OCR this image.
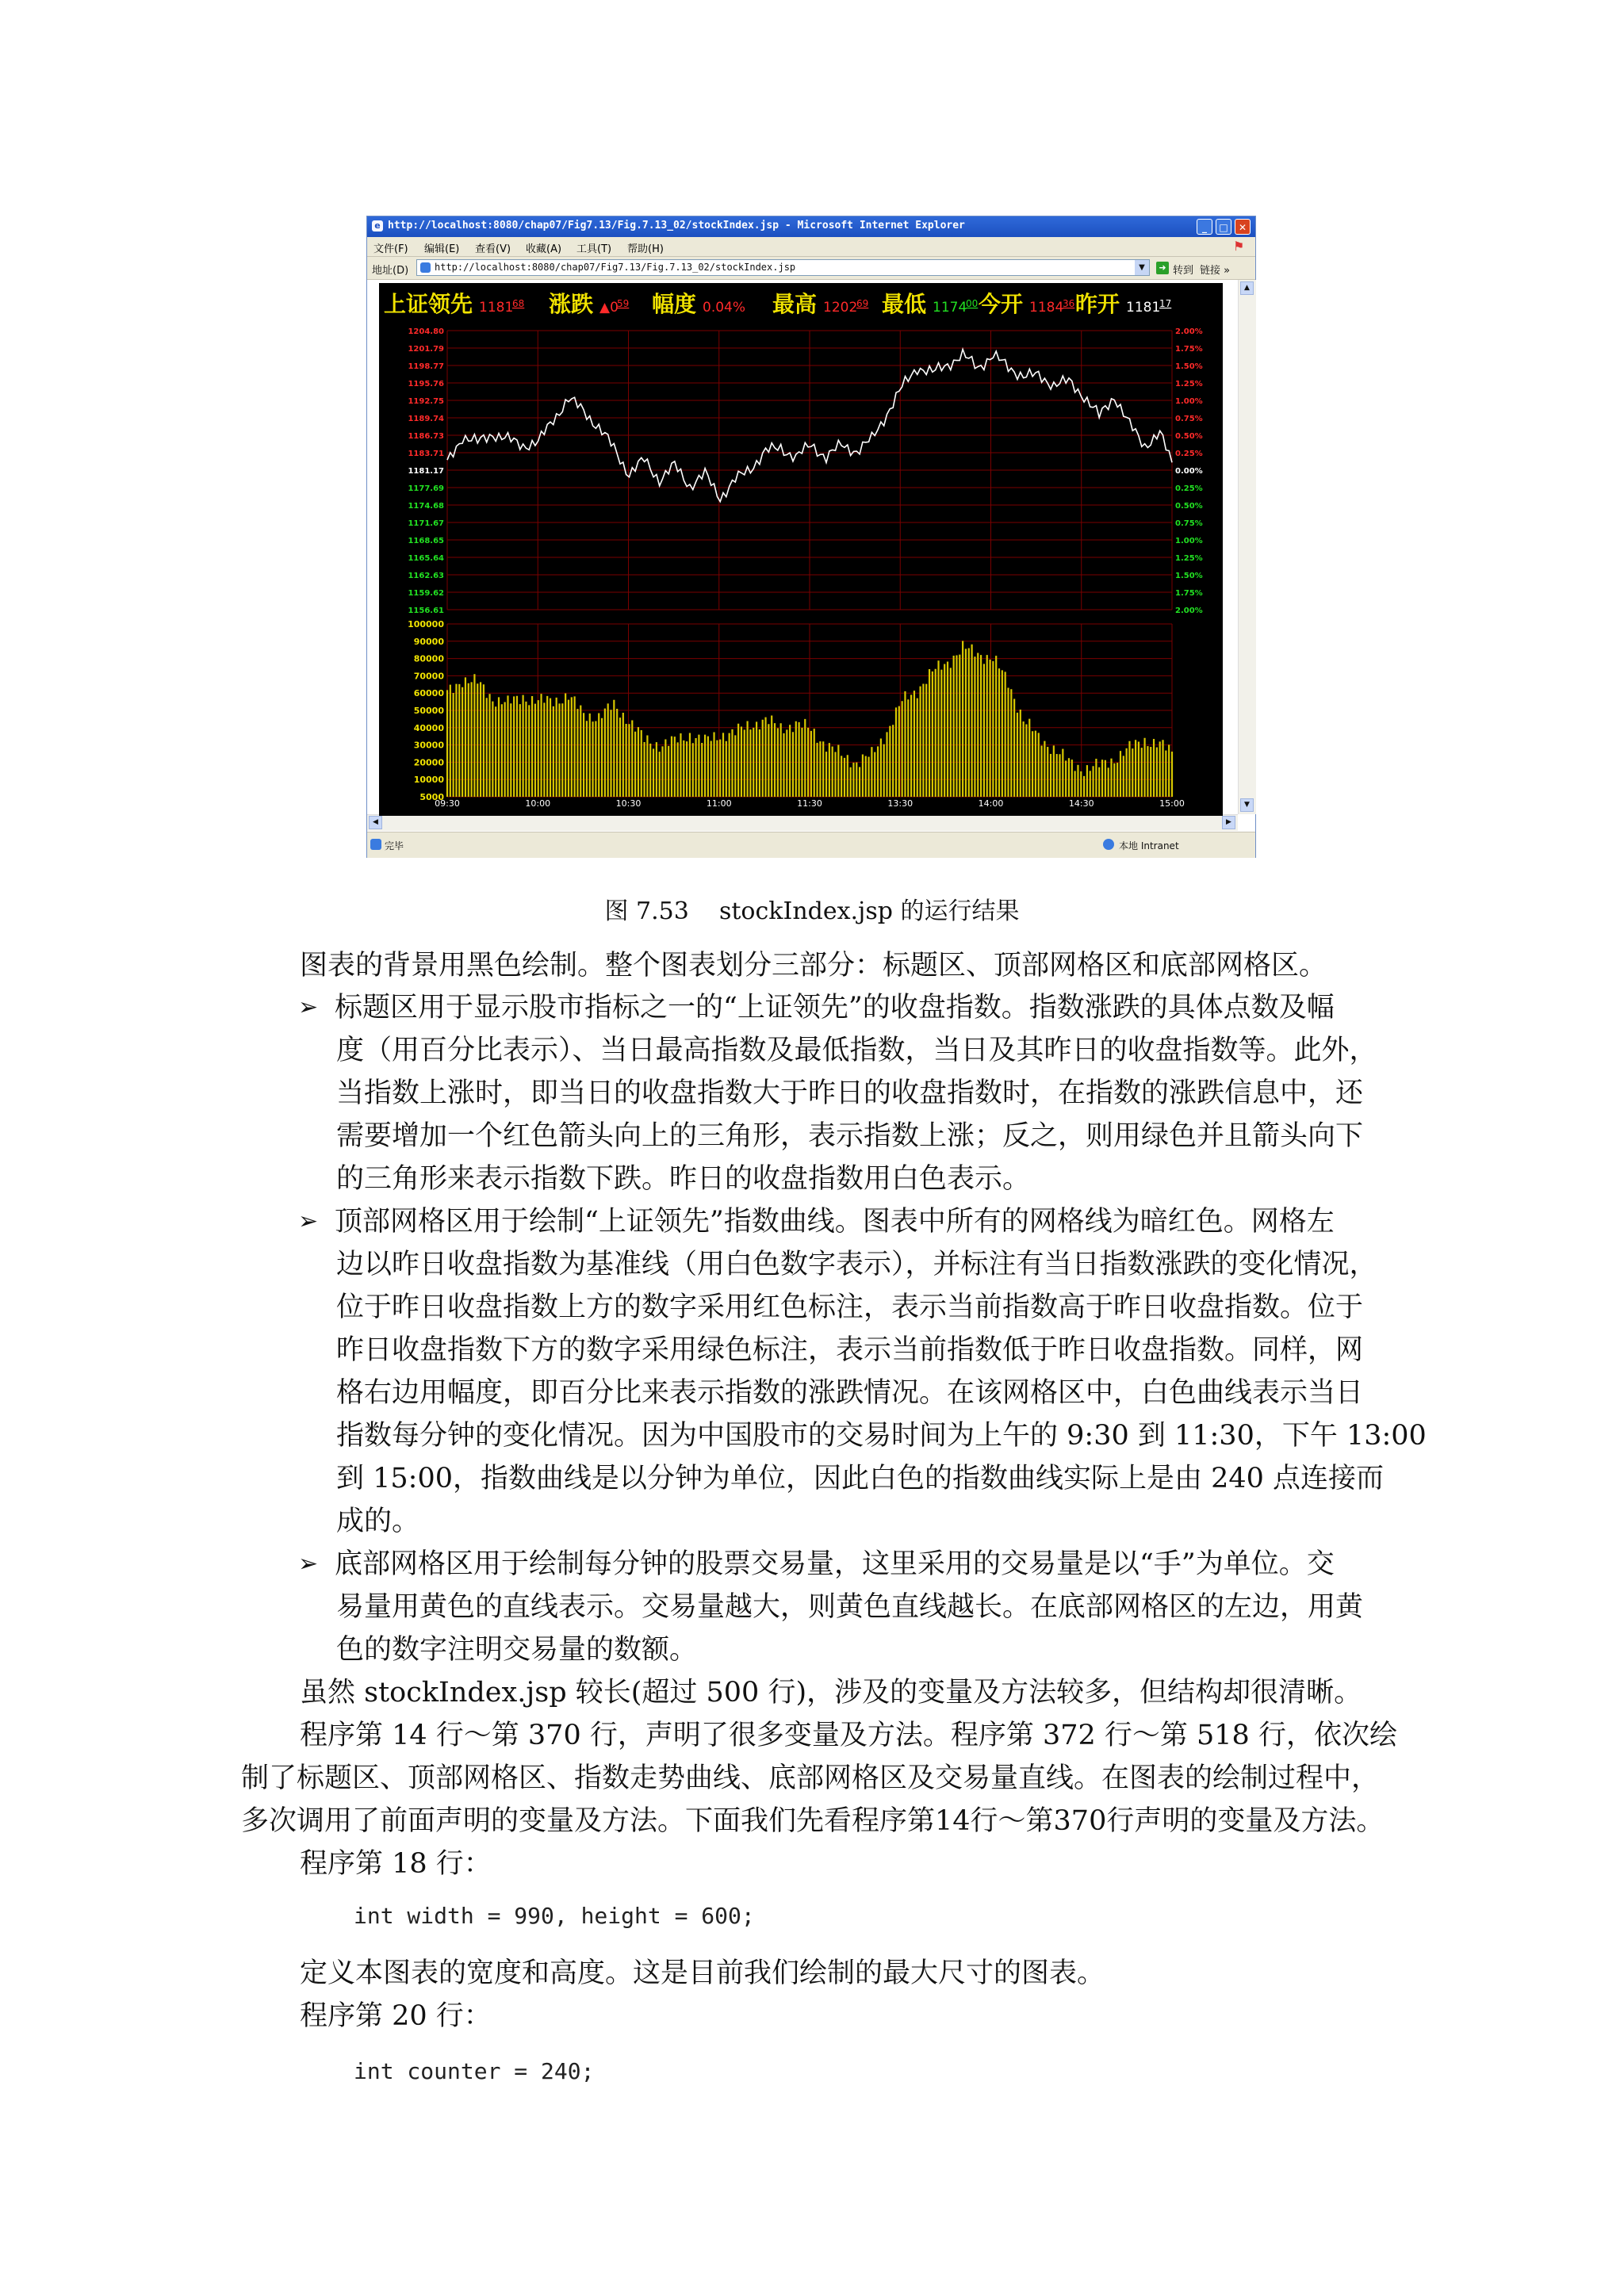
e http://localhost:8080/chap07/Fig7.13/Fig.7.13_02/stockIndex.jsp - Microsoft Internet Explorer	_	□	✕
文件(F) 编辑(E) 查看(V) 收藏(A) 工具(T) 帮助(H)	⚑
地址(D)	http://localhost:8080/chap07/Fig7.13/Fig.7.13_02/stockIndex.jsp	▼	➜ 转到 链接 »
▲
▼
◀	▶
完毕	本地 Intranet
上证领先 1181
68 涨跌 ▲0
59 幅度 0.04% 最高 1202
69 最低 1174
00 今开 1184
36 昨开 1181
17
1204.80	2.00%
1201.79	1.75%
1198.77	1.50%
1195.76	1.25%
1192.75	1.00%
1189.74	0.75%
1186.73	0.50%
1183.71	0.25%
1181.17	0.00%
1177.69	0.25%
1174.68	0.50%
1171.67	0.75%
1168.65	1.00%
1165.64	1.25%
1162.63	1.50%
1159.62	1.75%
1156.61	2.00%
100000
90000
80000
70000
60000
50000
40000
30000
20000
10000
5000
09:30	10:00	10:30	11:00	11:30	13:30	14:00	14:30	15:00
图 7.53    stockIndex.jsp 的运行结果
图表的背景用黑色绘制。整个图表划分三部分：标题区、顶部网格区和底部网格区。
➢ 标题区用于显示股市指标之一的“上证领先”的收盘指数。指数涨跌的具体点数及幅
度（用百分比表示）、当日最高指数及最低指数，当日及其昨日的收盘指数等。此外，
当指数上涨时，即当日的收盘指数大于昨日的收盘指数时，在指数的涨跌信息中，还
需要增加一个红色箭头向上的三角形，表示指数上涨；反之，则用绿色并且箭头向下
的三角形来表示指数下跌。昨日的收盘指数用白色表示。
➢ 顶部网格区用于绘制“上证领先”指数曲线。图表中所有的网格线为暗红色。网格左
边以昨日收盘指数为基准线（用白色数字表示），并标注有当日指数涨跌的变化情况，
位于昨日收盘指数上方的数字采用红色标注，表示当前指数高于昨日收盘指数。位于
昨日收盘指数下方的数字采用绿色标注，表示当前指数低于昨日收盘指数。同样，网
格右边用幅度，即百分比来表示指数的涨跌情况。在该网格区中，白色曲线表示当日
指数每分钟的变化情况。因为中国股市的交易时间为上午的 9:30 到 11:30，下午 13:00
到 15:00，指数曲线是以分钟为单位，因此白色的指数曲线实际上是由 240 点连接而
成的。
➢ 底部网格区用于绘制每分钟的股票交易量，这里采用的交易量是以“手”为单位。交
易量用黄色的直线表示。交易量越大，则黄色直线越长。在底部网格区的左边，用黄
色的数字注明交易量的数额。
虽然 stockIndex.jsp 较长(超过 500 行)，涉及的变量及方法较多，但结构却很清晰。
程序第 14 行～第 370 行，声明了很多变量及方法。程序第 372 行～第 518 行，依次绘
制了标题区、顶部网格区、指数走势曲线、底部网格区及交易量直线。在图表的绘制过程中，
多次调用了前面声明的变量及方法。下面我们先看程序第14行～第370行声明的变量及方法。
程序第 18 行：
int width = 990, height = 600;
定义本图表的宽度和高度。这是目前我们绘制的最大尺寸的图表。
程序第 20 行：
int counter = 240;
